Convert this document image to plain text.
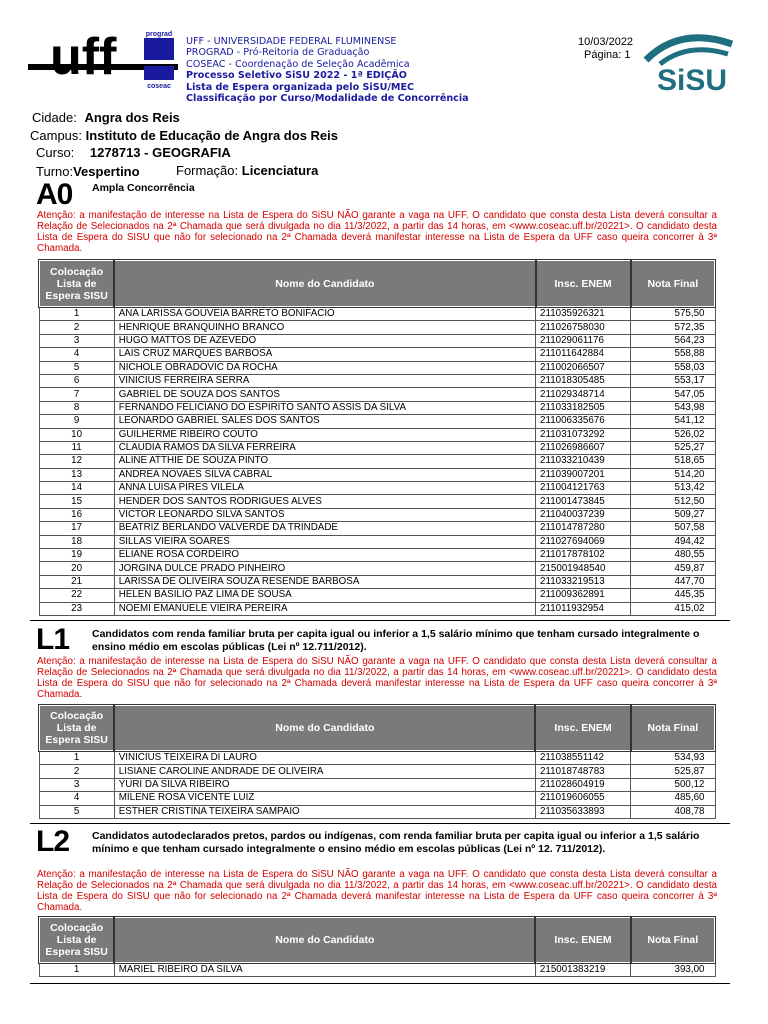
uff	prograd
coseac
UFF - UNIVERSIDADE FEDERAL FLUMINENSE
PROGRAD - Pró-Reitoria de Graduação
COSEAC - Coordenação de Seleção Acadêmica
Processo Seletivo SiSU 2022 - 1ª EDIÇÃO
Lista de Espera organizada pelo SiSU/MEC
Classificação por Curso/Modalidade de Concorrência
10/03/2022
Página: 1
SiSU
Cidade: Angra dos Reis
Campus: Instituto de Educação de Angra dos Reis
Curso: 1278713 - GEOGRAFIA
Turno:Vespertino	Formação: Licenciatura
A0 Ampla Concorrência
Atenção: a manifestação de interesse na Lista de Espera do SiSU NÃO garante a vaga na UFF. O candidato que consta desta Lista deverá consultar a Relação de Selecionados na 2ª Chamada que será divulgada no dia 11/3/2022, a partir das 14 horas, em <www.coseac.uff.br/20221>. O candidato desta Lista de Espera do SISU que não for selecionado na 2ª Chamada deverá manifestar interesse na Lista de Espera da UFF caso queira concorrer à 3ª Chamada.
Colocação Lista de Espera SISU	Nome do Candidato	Insc. ENEM	Nota Final
1	ANA LARISSA GOUVEIA BARRETO BONIFACIO	211035926321	575,50
2	HENRIQUE BRANQUINHO BRANCO	211026758030	572,35
3	HUGO MATTOS DE AZEVEDO	211029061176	564,23
4	LAIS CRUZ MARQUES BARBOSA	211011642884	558,88
5	NICHOLE OBRADOVIC DA ROCHA	211002066507	558,03
6	VINICIUS FERREIRA SERRA	211018305485	553,17
7	GABRIEL DE SOUZA DOS SANTOS	211029348714	547,05
8	FERNANDO FELICIANO DO ESPIRITO SANTO ASSIS DA SILVA	211033182505	543,98
9	LEONARDO GABRIEL SALES DOS SANTOS	211006335676	541,12
10	GUILHERME RIBEIRO COUTO	211031073292	526,02
11	CLAUDIA RAMOS DA SILVA FERREIRA	211026986607	525,27
12	ALINE ATTHIE DE SOUZA PINTO	211033210439	518,65
13	ANDREA NOVAES SILVA CABRAL	211039007201	514,20
14	ANNA LUISA PIRES VILELA	211004121763	513,42
15	HENDER DOS SANTOS RODRIGUES ALVES	211001473845	512,50
16	VICTOR LEONARDO SILVA SANTOS	211040037239	509,27
17	BEATRIZ BERLANDO VALVERDE DA TRINDADE	211014787280	507,58
18	SILLAS VIEIRA SOARES	211027694069	494,42
19	ELIANE ROSA CORDEIRO	211017878102	480,55
20	JORGINA DULCE PRADO PINHEIRO	215001948540	459,87
21	LARISSA DE OLIVEIRA SOUZA RESENDE BARBOSA	211033219513	447,70
22	HELEN BASILIO PAZ LIMA DE SOUSA	211009362891	445,35
23	NOEMI EMANUELE VIEIRA PEREIRA	211011932954	415,02
L1 Candidatos com renda familiar bruta per capita igual ou inferior a 1,5 salário mínimo que tenham cursado integralmente o ensino médio em escolas públicas (Lei nº 12.711/2012).
Atenção: a manifestação de interesse na Lista de Espera do SiSU NÃO garante a vaga na UFF. O candidato que consta desta Lista deverá consultar a Relação de Selecionados na 2ª Chamada que será divulgada no dia 11/3/2022, a partir das 14 horas, em <www.coseac.uff.br/20221>. O candidato desta Lista de Espera do SISU que não for selecionado na 2ª Chamada deverá manifestar interesse na Lista de Espera da UFF caso queira concorrer à 3ª Chamada.
Colocação Lista de Espera SISU	Nome do Candidato	Insc. ENEM	Nota Final
1	VINICIUS TEIXEIRA DI LAURO	211038551142	534,93
2	LISIANE CAROLINE ANDRADE DE OLIVEIRA	211018748783	525,87
3	YURI DA SILVA RIBEIRO	211028604919	500,12
4	MILENE ROSA VICENTE LUIZ	211019606055	485,60
5	ESTHER CRISTINA TEIXEIRA SAMPAIO	211035633893	408,78
L2 Candidatos autodeclarados pretos, pardos ou indígenas, com renda familiar bruta per capita igual ou inferior a 1,5 salário mínimo e que tenham cursado integralmente o ensino médio em escolas públicas (Lei nº 12. 711/2012).
Atenção: a manifestação de interesse na Lista de Espera do SiSU NÃO garante a vaga na UFF. O candidato que consta desta Lista deverá consultar a Relação de Selecionados na 2ª Chamada que será divulgada no dia 11/3/2022, a partir das 14 horas, em <www.coseac.uff.br/20221>. O candidato desta Lista de Espera do SISU que não for selecionado na 2ª Chamada deverá manifestar interesse na Lista de Espera da UFF caso queira concorrer à 3ª Chamada.
Colocação Lista de Espera SISU	Nome do Candidato	Insc. ENEM	Nota Final
1	MARIEL RIBEIRO DA SILVA	215001383219	393,00
